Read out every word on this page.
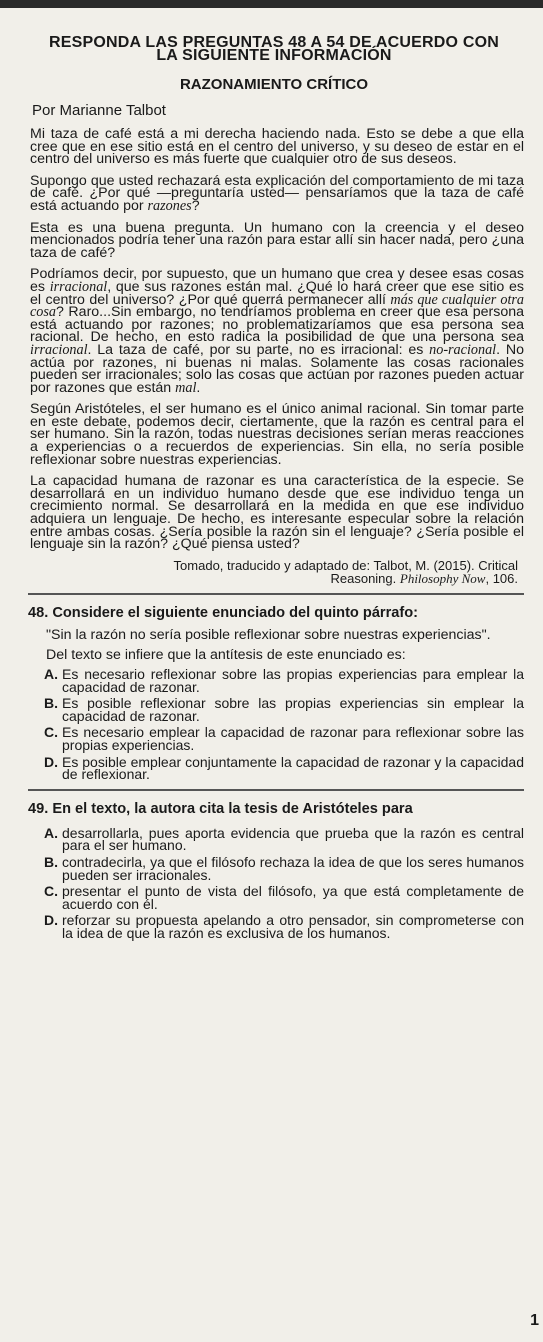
RESPONDA LAS PREGUNTAS 48 A 54 DE ACUERDO CON
LA SIGUIENTE INFORMACIÓN
RAZONAMIENTO CRÍTICO
Por Marianne Talbot

Mi taza de café está a mi derecha haciendo nada. Esto se debe a que ella cree que en ese sitio está en el centro del universo, y su deseo de estar en el centro del universo es más fuerte que cualquier otro de sus deseos.

Supongo que usted rechazará esta explicación del comportamiento de mi taza de café. ¿Por qué —preguntaría usted— pensaríamos que la taza de café está actuando por razones?

Esta es una buena pregunta. Un humano con la creencia y el deseo mencionados podría tener una razón para estar allí sin hacer nada, pero ¿una taza de café?

Podríamos decir, por supuesto, que un humano que crea y desee esas cosas es irracional, que sus razones están mal. ¿Qué lo hará creer que ese sitio es el centro del universo? ¿Por qué querrá permanecer allí más que cualquier otra cosa? Raro...Sin embargo, no tendríamos problema en creer que esa persona está actuando por razones; no problematizaríamos que esa persona sea racional. De hecho, en esto radica la posibilidad de que una persona sea irracional. La taza de café, por su parte, no es irracional: es no-racional. No actúa por razones, ni buenas ni malas. Solamente las cosas racionales pueden ser irracionales; solo las cosas que actúan por razones pueden actuar por razones que están mal.

Según Aristóteles, el ser humano es el único animal racional. Sin tomar parte en este debate, podemos decir, ciertamente, que la razón es central para el ser humano. Sin la razón, todas nuestras decisiones serían meras reacciones a experiencias o a recuerdos de experiencias. Sin ella, no sería posible reflexionar sobre nuestras experiencias.

La capacidad humana de razonar es una característica de la especie. Se desarrollará en un individuo humano desde que ese individuo tenga un crecimiento normal. Se desarrollará en la medida en que ese individuo adquiera un lenguaje. De hecho, es interesante especular sobre la relación entre ambas cosas. ¿Sería posible la razón sin el lenguaje? ¿Sería posible el lenguaje sin la razón? ¿Qué piensa usted?

Tomado, traducido y adaptado de: Talbot, M. (2015). Critical
Reasoning. Philosophy Now, 106.
48. Considere el siguiente enunciado del quinto párrafo:
"Sin la razón no sería posible reflexionar sobre nuestras experiencias".
Del texto se infiere que la antítesis de este enunciado es:
A. Es necesario reflexionar sobre las propias experiencias para emplear la capacidad de razonar.
B. Es posible reflexionar sobre las propias experiencias sin emplear la capacidad de razonar.
C. Es necesario emplear la capacidad de razonar para reflexionar sobre las propias experiencias.
D. Es posible emplear conjuntamente la capacidad de razonar y la capacidad de reflexionar.
49. En el texto, la autora cita la tesis de Aristóteles para
A. desarrollarla, pues aporta evidencia que prueba que la razón es central para el ser humano.
B. contradecirla, ya que el filósofo rechaza la idea de que los seres humanos pueden ser irracionales.
C. presentar el punto de vista del filósofo, ya que está completamente de acuerdo con él.
D. reforzar su propuesta apelando a otro pensador, sin comprometerse con la idea de que la razón es exclusiva de los humanos.
1
